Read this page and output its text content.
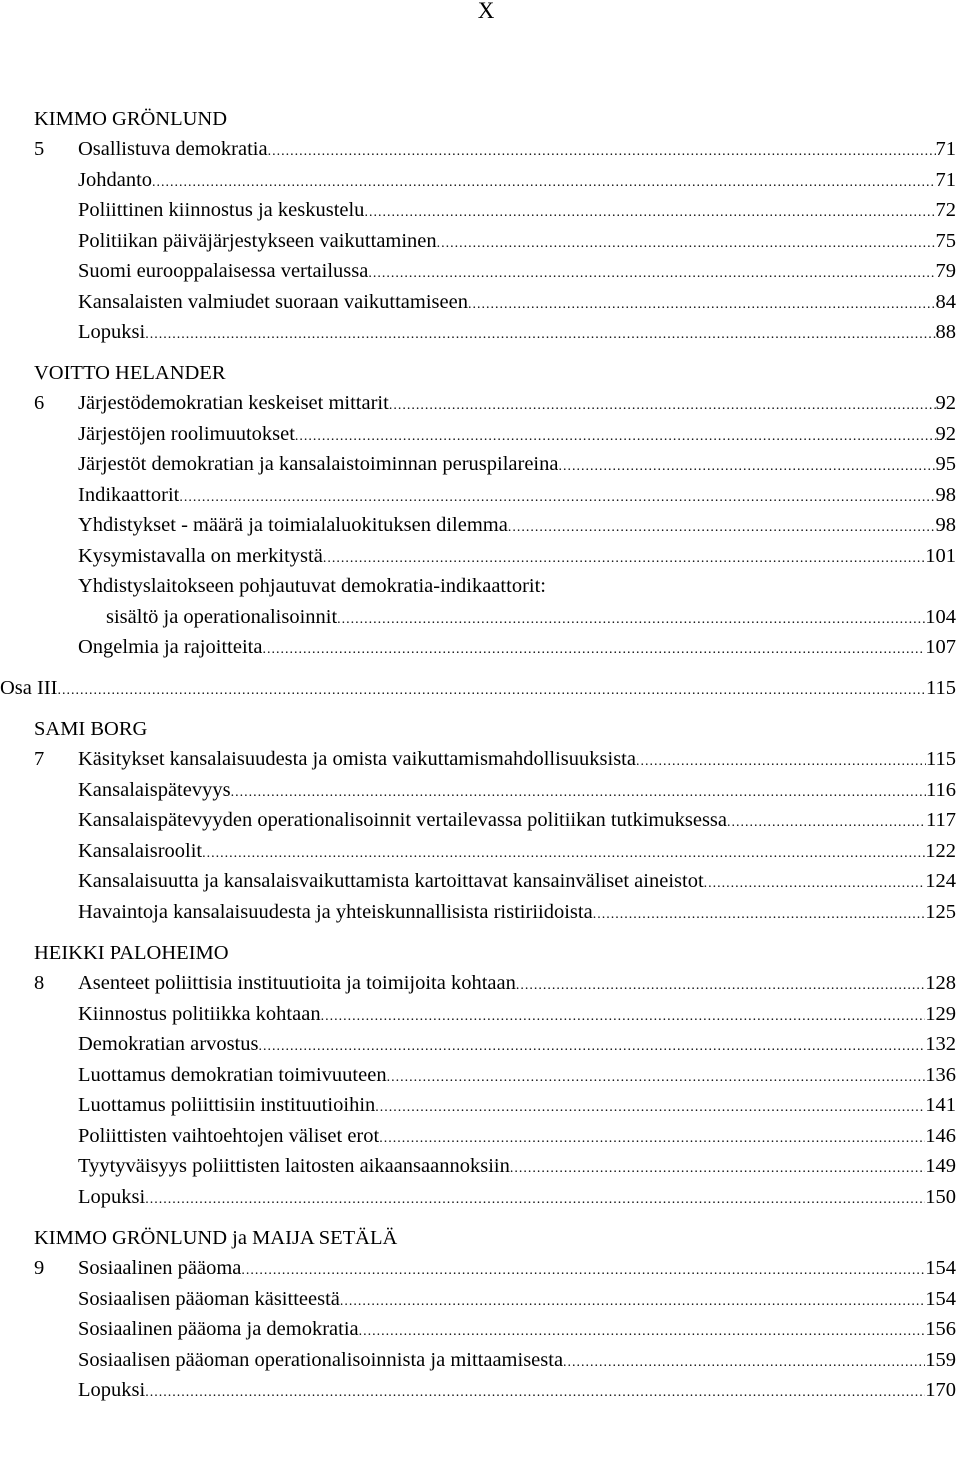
X
KIMMO GRÖNLUND
5	Osallistuva demokratia .....	71
Johdanto .....	71
Poliittinen kiinnostus ja keskustelu .....	72
Politiikan päiväjärjestykseen vaikuttaminen .....	75
Suomi eurooppalaisessa vertailussa .....	79
Kansalaisten valmiudet suoraan vaikuttamiseen .....	84
Lopuksi .....	88
VOITTO HELANDER
6	Järjestödemokratian keskeiset mittarit .....	92
Järjestöjen roolimuutokset .....	92
Järjestöt demokratian ja kansalaistoiminnan peruspilareina .....	95
Indikaattorit .....	98
Yhdistykset - määrä ja toimialaluokituksen dilemma .....	98
Kysymistavalla on merkitystä .....	101
Yhdistyslaitokseen pohjautuvat demokratia-indikaattorit:
sisältö ja operationalisoinnit .....	104
Ongelmia ja rajoitteita .....	107
Osa III .....	115
SAMI BORG
7	Käsitykset kansalaisuudesta ja omista vaikuttamismahdollisuuksista .....	115
Kansalaispätevyys .....	116
Kansalaispätevyyden operationalisoinnit vertailevassa politiikan tutkimuksessa .....	117
Kansalaisroolit .....	122
Kansalaisuutta ja kansalaisvaikuttamista kartoittavat kansainväliset aineistot .....	124
Havaintoja kansalaisuudesta ja yhteiskunnallisista ristiriidoista .....	125
HEIKKI PALOHEIMO
8	Asenteet poliittisia instituutioita ja toimijoita kohtaan .....	128
Kiinnostus politiikka kohtaan .....	129
Demokratian arvostus .....	132
Luottamus demokratian toimivuuteen .....	136
Luottamus poliittisiin instituutioihin .....	141
Poliittisten vaihtoehtojen väliset erot .....	146
Tyytyväisyys poliittisten laitosten aikaansaannoksiin .....	149
Lopuksi .....	150
KIMMO GRÖNLUND ja MAIJA SETÄLÄ
9	Sosiaalinen pääoma .....	154
Sosiaalisen pääoman käsitteestä .....	154
Sosiaalinen pääoma ja demokratia .....	156
Sosiaalisen pääoman operationalisoinnista ja mittaamisesta .....	159
Lopuksi .....	170
